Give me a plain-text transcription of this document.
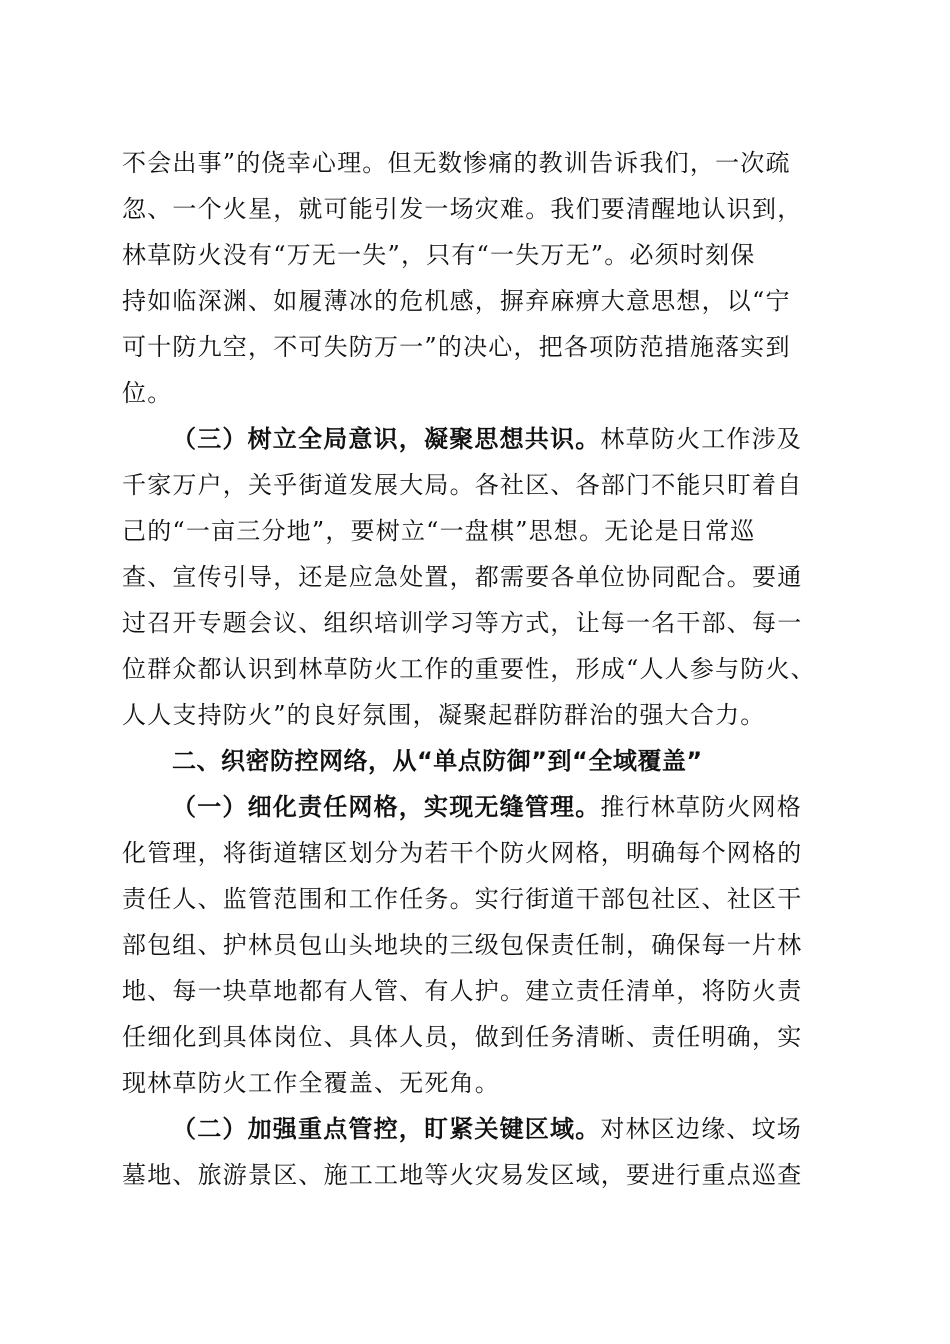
不会出事”的侥幸心理。但无数惨痛的教训告诉我们，一次疏
忽、一个火星，就可能引发一场灾难。我们要清醒地认识到，
林草防火没有“万无一失”，只有“一失万无”。必须时刻保
持如临深渊、如履薄冰的危机感，摒弃麻痹大意思想，以“宁
可十防九空，不可失防万一”的决心，把各项防范措施落实到
位。
（三）树立全局意识，凝聚思想共识。林草防火工作涉及
千家万户，关乎街道发展大局。各社区、各部门不能只盯着自
己的“一亩三分地”，要树立“一盘棋”思想。无论是日常巡
查、宣传引导，还是应急处置，都需要各单位协同配合。要通
过召开专题会议、组织培训学习等方式，让每一名干部、每一
位群众都认识到林草防火工作的重要性，形成“人人参与防火、
人人支持防火”的良好氛围，凝聚起群防群治的强大合力。
二、织密防控网络，从“单点防御”到“全域覆盖”
（一）细化责任网格，实现无缝管理。推行林草防火网格
化管理，将街道辖区划分为若干个防火网格，明确每个网格的
责任人、监管范围和工作任务。实行街道干部包社区、社区干
部包组、护林员包山头地块的三级包保责任制，确保每一片林
地、每一块草地都有人管、有人护。建立责任清单，将防火责
任细化到具体岗位、具体人员，做到任务清晰、责任明确，实
现林草防火工作全覆盖、无死角。
（二）加强重点管控，盯紧关键区域。对林区边缘、坟场
墓地、旅游景区、施工工地等火灾易发区域，要进行重点巡查
